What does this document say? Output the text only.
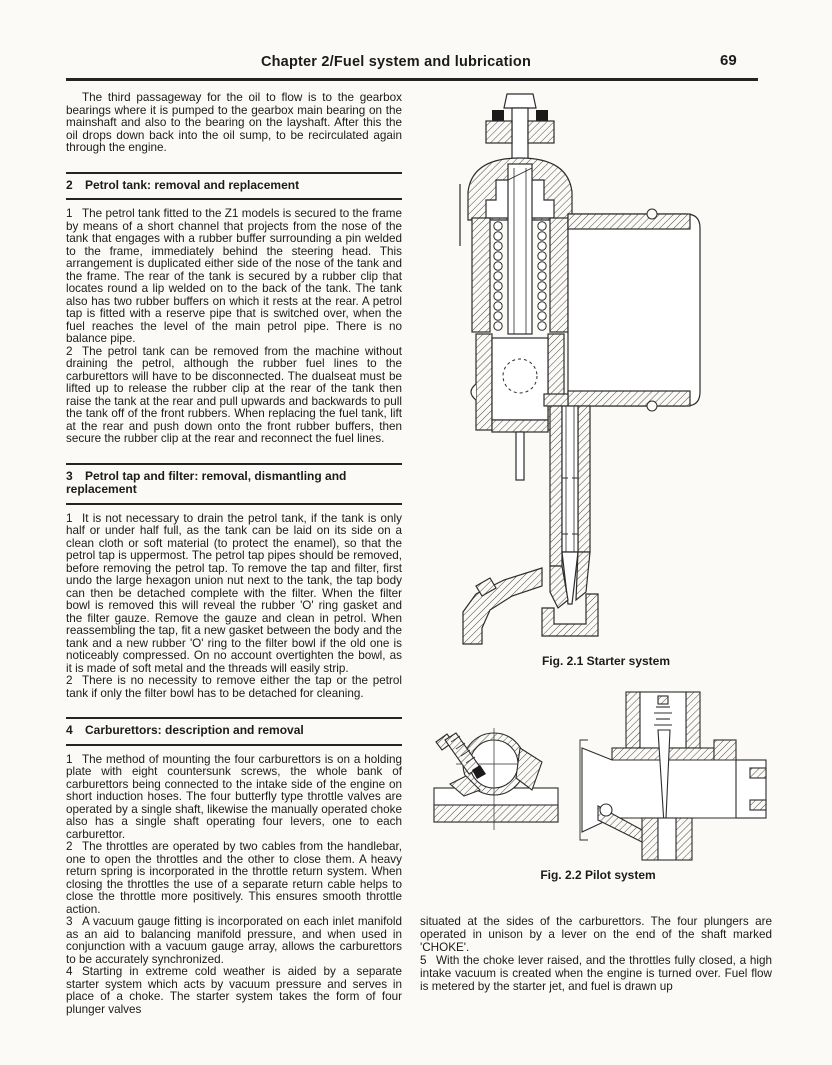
Chapter 2/Fuel system and lubrication	69

The third passageway for the oil to flow is to the gearbox bearings where it is pumped to the gearbox main bearing on the mainshaft and also to the bearing on the layshaft. After this the oil drops down back into the oil sump, to be recirculated again through the engine.

2 Petrol tank: removal and replacement

1 The petrol tank fitted to the Z1 models is secured to the frame by means of a short channel that projects from the nose of the tank that engages with a rubber buffer surrounding a pin welded to the frame, immediately behind the steering head. This arrangement is duplicated either side of the nose of the tank and the frame. The rear of the tank is secured by a rubber clip that locates round a lip welded on to the back of the tank. The tank also has two rubber buffers on which it rests at the rear. A petrol tap is fitted with a reserve pipe that is switched over, when the fuel reaches the level of the main petrol pipe. There is no balance pipe.

2 The petrol tank can be removed from the machine without draining the petrol, although the rubber fuel lines to the carburettors will have to be disconnected. The dualseat must be lifted up to release the rubber clip at the rear of the tank then raise the tank at the rear and pull upwards and backwards to pull the tank off of the front rubbers. When replacing the fuel tank, lift at the rear and push down onto the front rubber buffers, then secure the rubber clip at the rear and reconnect the fuel lines.

3 Petrol tap and filter: removal, dismantling and replacement

1 It is not necessary to drain the petrol tank, if the tank is only half or under half full, as the tank can be laid on its side on a clean cloth or soft material (to protect the enamel), so that the petrol tap is uppermost. The petrol tap pipes should be removed, before removing the petrol tap. To remove the tap and filter, first undo the large hexagon union nut next to the tank, the tap body can then be detached complete with the filter. When the filter bowl is removed this will reveal the rubber 'O' ring gasket and the filter gauze. Remove the gauze and clean in petrol. When reassembling the tap, fit a new gasket between the body and the tank and a new rubber 'O' ring to the filter bowl if the old one is noticeably compressed. On no account overtighten the bowl, as it is made of soft metal and the threads will easily strip.

2 There is no necessity to remove either the tap or the petrol tank if only the filter bowl has to be detached for cleaning.

4 Carburettors: description and removal

1 The method of mounting the four carburettors is on a holding plate with eight countersunk screws, the whole bank of carburettors being connected to the intake side of the engine on short induction hoses. The four butterfly type throttle valves are operated by a single shaft, likewise the manually operated choke also has a single shaft operating four levers, one to each carburettor.

2 The throttles are operated by two cables from the handlebar, one to open the throttles and the other to close them. A heavy return spring is incorporated in the throttle return system. When closing the throttles the use of a separate return cable helps to close the throttle more positively. This ensures smooth throttle action.

3 A vacuum gauge fitting is incorporated on each inlet manifold as an aid to balancing manifold pressure, and when used in conjunction with a vacuum gauge array, allows the carburettors to be accurately synchronized.

4 Starting in extreme cold weather is aided by a separate starter system which acts by vacuum pressure and serves in place of a choke. The starter system takes the form of four plunger valves

Fig. 2.1 Starter system
Fig. 2.2 Pilot system

situated at the sides of the carburettors. The four plungers are operated in unison by a lever on the end of the shaft marked 'CHOKE'.

5 With the choke lever raised, and the throttles fully closed, a high intake vacuum is created when the engine is turned over. Fuel flow is metered by the starter jet, and fuel is drawn up
